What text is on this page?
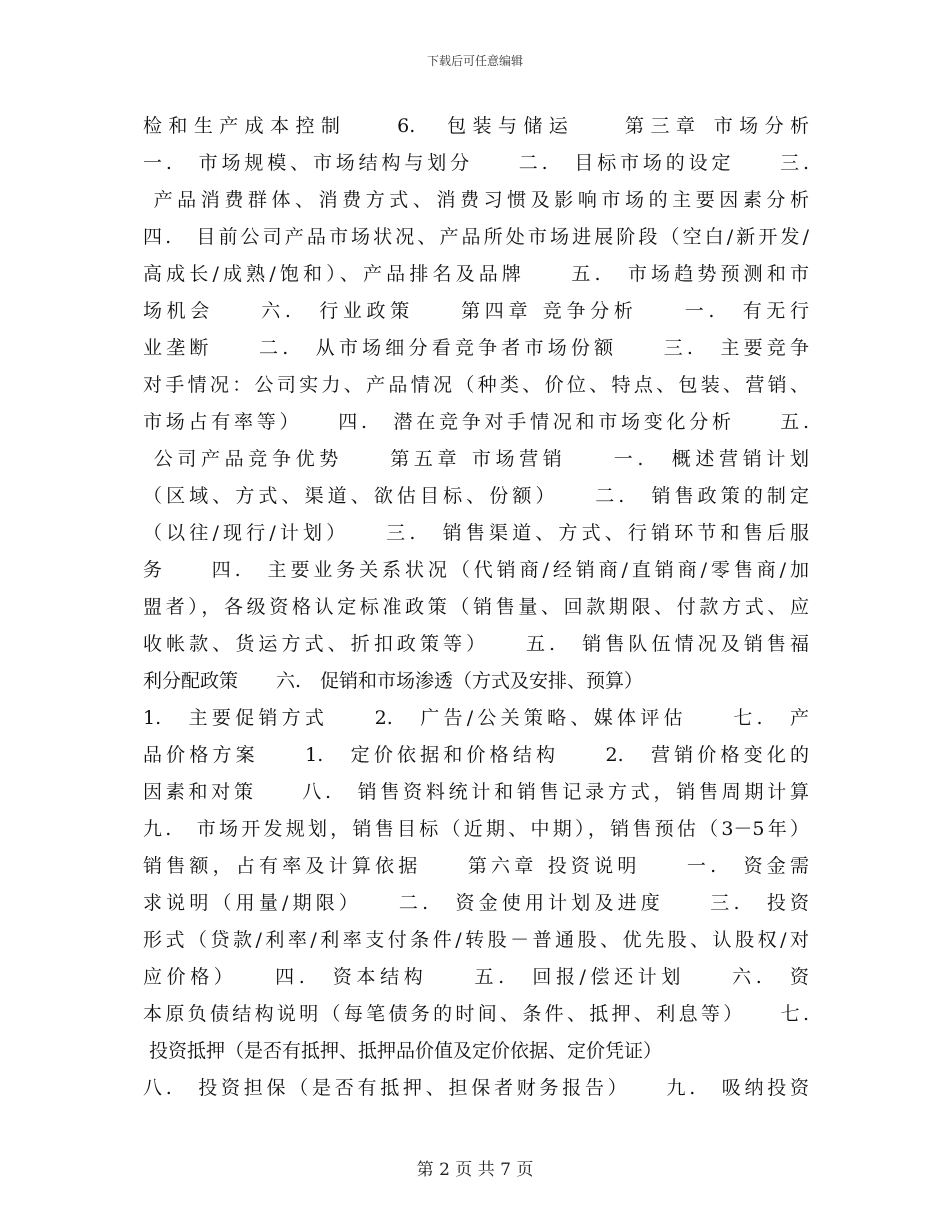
下载后可任意编辑
检和生产成本控制　　6.　包装与储运　　第三章 市场分析
一.　市场规模、市场结构与划分　　二.　目标市场的设定　　三.
产品消费群体、消费方式、消费习惯及影响市场的主要因素分析
四.　目前公司产品市场状况、产品所处市场进展阶段（空白/新开发/
高成长/成熟/饱和）、产品排名及品牌　　五.　市场趋势预测和市
场机会　　六.　行业政策　　第四章 竞争分析　　一.　有无行
业垄断　　二.　从市场细分看竞争者市场份额　　三.　主要竞争
对手情况：公司实力、产品情况（种类、价位、特点、包装、营销、
市场占有率等）　　四.　潜在竞争对手情况和市场变化分析　　五.
公司产品竞争优势　　第五章 市场营销　　一.　概述营销计划
（区域、方式、渠道、欲估目标、份额）　　二.　销售政策的制定
（以往/现行/计划）　　三.　销售渠道、方式、行销环节和售后服
务　　四.　主要业务关系状况（代销商/经销商/直销商/零售商/加
盟者），各级资格认定标准政策（销售量、回款期限、付款方式、应
收帐款、货运方式、折扣政策等）　　五.　销售队伍情况及销售福
利分配政策　　六.　促销和市场渗透（方式及安排、预算）
1.　主要促销方式　　2.　广告/公关策略、媒体评估　　七.　产
品价格方案　　1.　定价依据和价格结构　　2.　营销价格变化的
因素和对策　　八.　销售资料统计和销售记录方式，销售周期计算
九.　市场开发规划，销售目标（近期、中期），销售预估（3－5年）
销售额，占有率及计算依据　　第六章 投资说明　　一.　资金需
求说明（用量/期限）　　二.　资金使用计划及进度　　三.　投资
形式（贷款/利率/利率支付条件/转股－普通股、优先股、认股权/对
应价格）　　四.　资本结构　　五.　回报/偿还计划　　六.　资
本原负债结构说明（每笔债务的时间、条件、抵押、利息等）　　七.
投资抵押（是否有抵押、抵押品价值及定价依据、定价凭证）
八.　投资担保（是否有抵押、担保者财务报告）　　九.　吸纳投资
第 2 页 共 7 页
